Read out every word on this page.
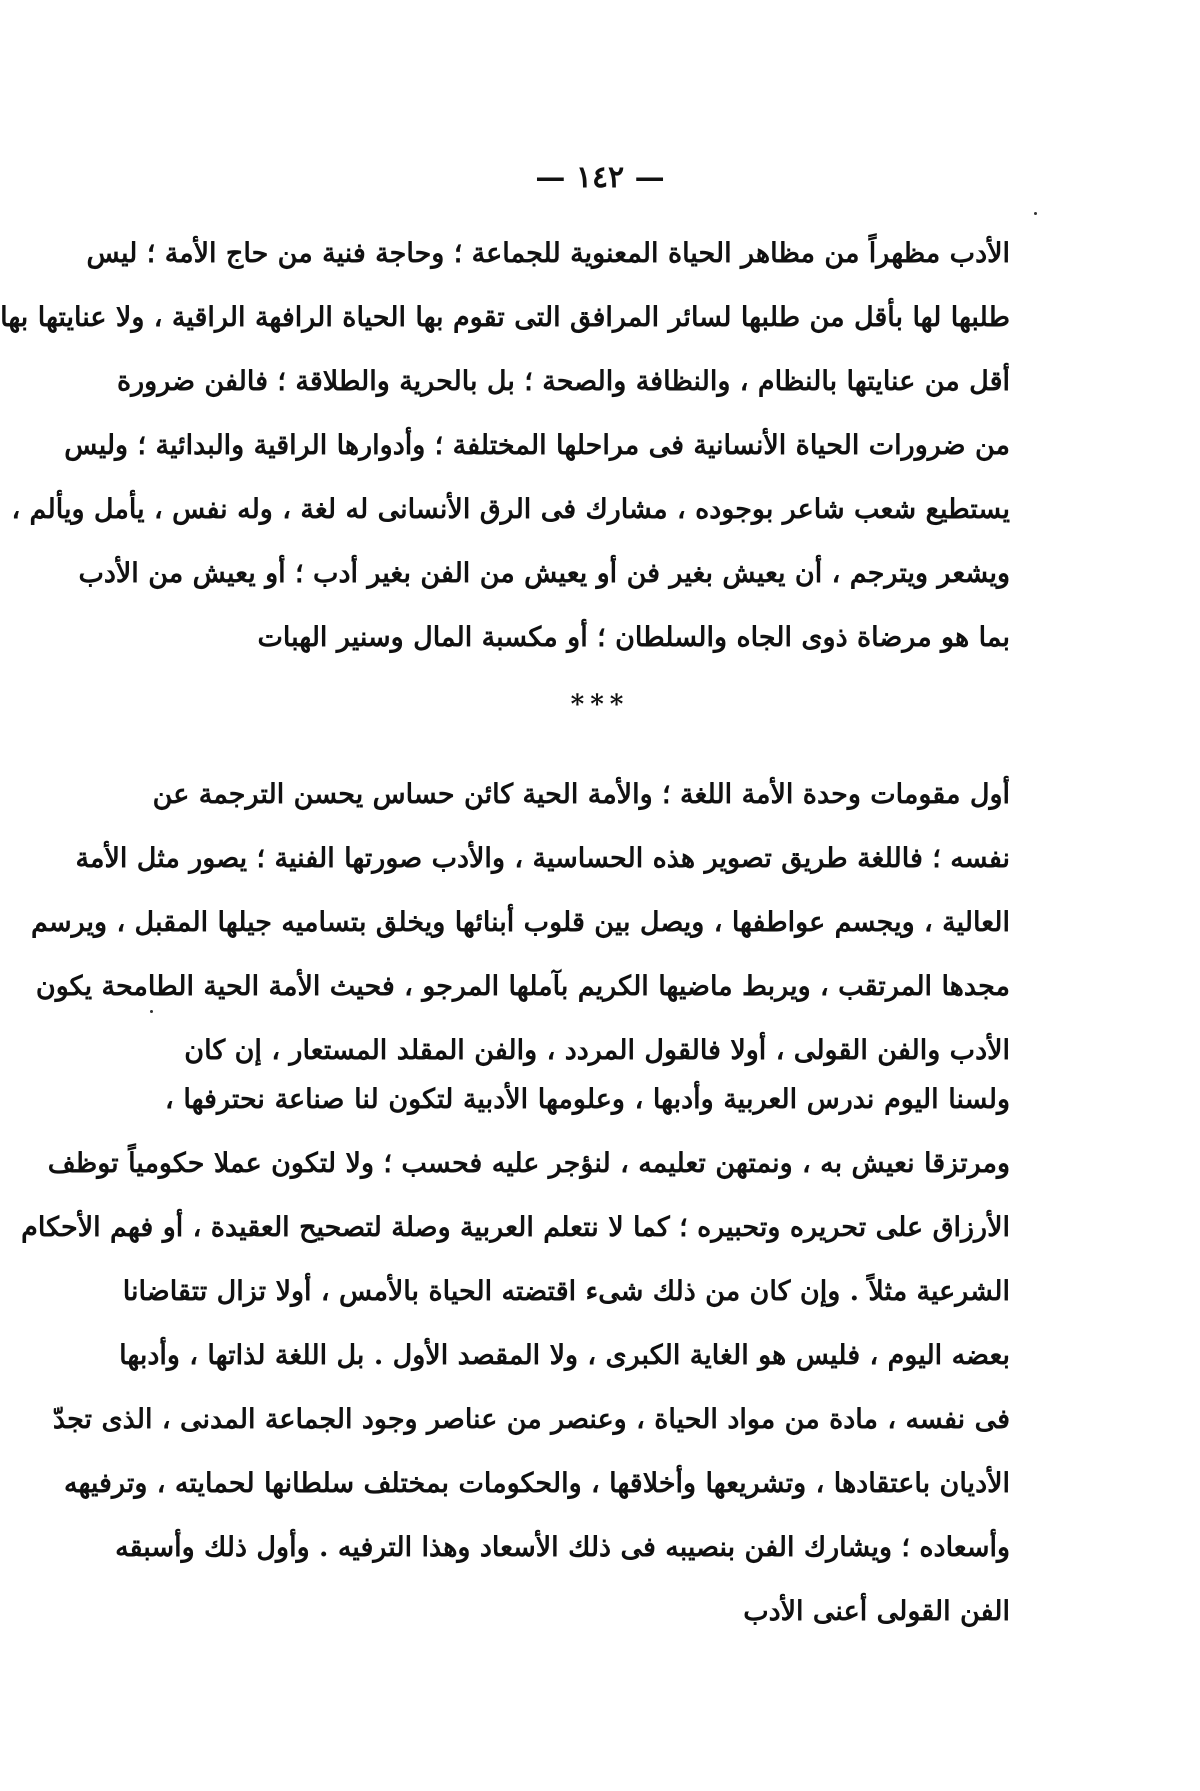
— ١٤٢ —
الأدب مظهراً من مظاهر الحياة المعنوية للجماعة ؛ وحاجة فنية من حاج الأمة ؛ ليس
طلبها لها بأقل من طلبها لسائر المرافق التى تقوم بها الحياة الرافهة الراقية ، ولا عنايتها بها
أقل من عنايتها بالنظام ، والنظافة والصحة ؛ بل بالحرية والطلاقة ؛ فالفن ضرورة
من ضرورات الحياة الأنسانية فى مراحلها المختلفة ؛ وأدوارها الراقية والبدائية ؛ وليس
يستطيع شعب شاعر بوجوده ، مشارك فى الرق الأنسانى له لغة ، وله نفس ، يأمل ويألم ،
ويشعر ويترجم ، أن يعيش بغير فن أو يعيش من الفن بغير أدب ؛ أو يعيش من الأدب
بما هو مرضاة ذوى الجاه والسلطان ؛ أو مكسبة المال وسنير الهبات
***
أول مقومات وحدة الأمة اللغة ؛ والأمة الحية كائن حساس يحسن الترجمة عن
نفسه ؛ فاللغة طريق تصوير هذه الحساسية ، والأدب صورتها الفنية ؛ يصور مثل الأمة
العالية ، ويجسم عواطفها ، ويصل بين قلوب أبنائها ويخلق بتساميه جيلها المقبل ، ويرسم
مجدها المرتقب ، ويربط ماضيها الكريم بآملها المرجو ، فحيث الأمة الحية الطامحة يكون
الأدب والفن القولى ، أولا فالقول المردد ، والفن المقلد المستعار ، إن كان
ولسنا اليوم ندرس العربية وأدبها ، وعلومها الأدبية لتكون لنا صناعة نحترفها ،
ومرتزقا نعيش به ، ونمتهن تعليمه ، لنؤجر عليه فحسب ؛ ولا لتكون عملا حكومياً توظف
الأرزاق على تحريره وتحبيره ؛ كما لا نتعلم العربية وصلة لتصحيح العقيدة ، أو فهم الأحكام
الشرعية مثلاً . وإن كان من ذلك شىء اقتضته الحياة بالأمس ، أولا تزال تتقاضانا
بعضه اليوم ، فليس هو الغاية الكبرى ، ولا المقصد الأول . بل اللغة لذاتها ، وأدبها
فى نفسه ، مادة من مواد الحياة ، وعنصر من عناصر وجود الجماعة المدنى ، الذى تجدّ
الأديان باعتقادها ، وتشريعها وأخلاقها ، والحكومات بمختلف سلطانها لحمايته ، وترفيهه
وأسعاده ؛ ويشارك الفن بنصيبه فى ذلك الأسعاد وهذا الترفيه . وأول ذلك وأسبقه
الفن القولى أعنى الأدب
